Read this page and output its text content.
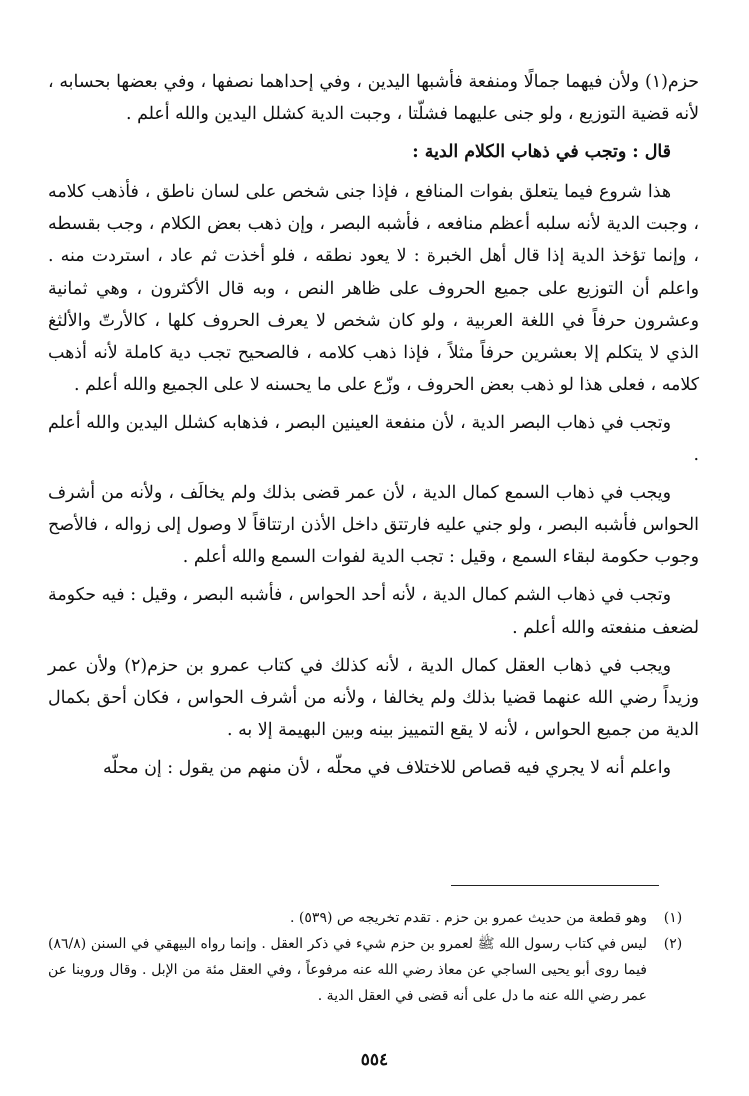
حزم(١) ولأن فيهما جمالًا ومنفعة فأشبها اليدين ، وفي إحداهما نصفها ، وفي بعضها بحسابه ، لأنه قضية التوزيع ، ولو جنى عليهما فشلّتا ، وجبت الدية كشلل اليدين والله أعلم .

قال : وتجب في ذهاب الكلام الدية :

هذا شروع فيما يتعلق بفوات المنافع ، فإذا جنى شخص على لسان ناطق ، فأذهب كلامه ، وجبت الدية لأنه سلبه أعظم منافعه ، فأشبه البصر ، وإن ذهب بعض الكلام ، وجب بقسطه ، وإنما تؤخذ الدية إذا قال أهل الخبرة : لا يعود نطقه ، فلو أخذت ثم عاد ، استردت منه . واعلم أن التوزيع على جميع الحروف على ظاهر النص ، وبه قال الأكثرون ، وهي ثمانية وعشرون حرفاً في اللغة العربية ، ولو كان شخص لا يعرف الحروف كلها ، كالأرتّ والألثغ الذي لا يتكلم إلا بعشرين حرفاً مثلاً ، فإذا ذهب كلامه ، فالصحيح تجب دية كاملة لأنه أذهب كلامه ، فعلى هذا لو ذهب بعض الحروف ، وزّع على ما يحسنه لا على الجميع والله أعلم .

وتجب في ذهاب البصر الدية ، لأن منفعة العينين البصر ، فذهابه كشلل اليدين والله أعلم .

ويجب في ذهاب السمع كمال الدية ، لأن عمر قضى بذلك ولم يخالَف ، ولأنه من أشرف الحواس فأشبه البصر ، ولو جني عليه فارتتق داخل الأذن ارتتاقاً لا وصول إلى زواله ، فالأصح وجوب حكومة لبقاء السمع ، وقيل : تجب الدية لفوات السمع والله أعلم .

وتجب في ذهاب الشم كمال الدية ، لأنه أحد الحواس ، فأشبه البصر ، وقيل : فيه حكومة لضعف منفعته والله أعلم .

ويجب في ذهاب العقل كمال الدية ، لأنه كذلك في كتاب عمرو بن حزم(٢) ولأن عمر وزيداً رضي الله عنهما قضيا بذلك ولم يخالفا ، ولأنه من أشرف الحواس ، فكان أحق بكمال الدية من جميع الحواس ، لأنه لا يقع التمييز بينه وبين البهيمة إلا به .

واعلم أنه لا يجري فيه قصاص للاختلاف في محلّه ، لأن منهم من يقول : إن محلّه

(١)
وهو قطعة من حديث عمرو بن حزم . تقدم تخريجه ص (٥٣٩) .
(٢)
ليس في كتاب رسول الله ﷺ لعمرو بن حزم شيء في ذكر العقل . وإنما رواه البيهقي في السنن (٨٦/٨) فيما روى أبو يحيى الساجي عن معاذ رضي الله عنه مرفوعاً ، وفي العقل مئة من الإبل . وقال وروينا عن عمر رضي الله عنه ما دل على أنه قضى في العقل الدية .
٥٥٤
